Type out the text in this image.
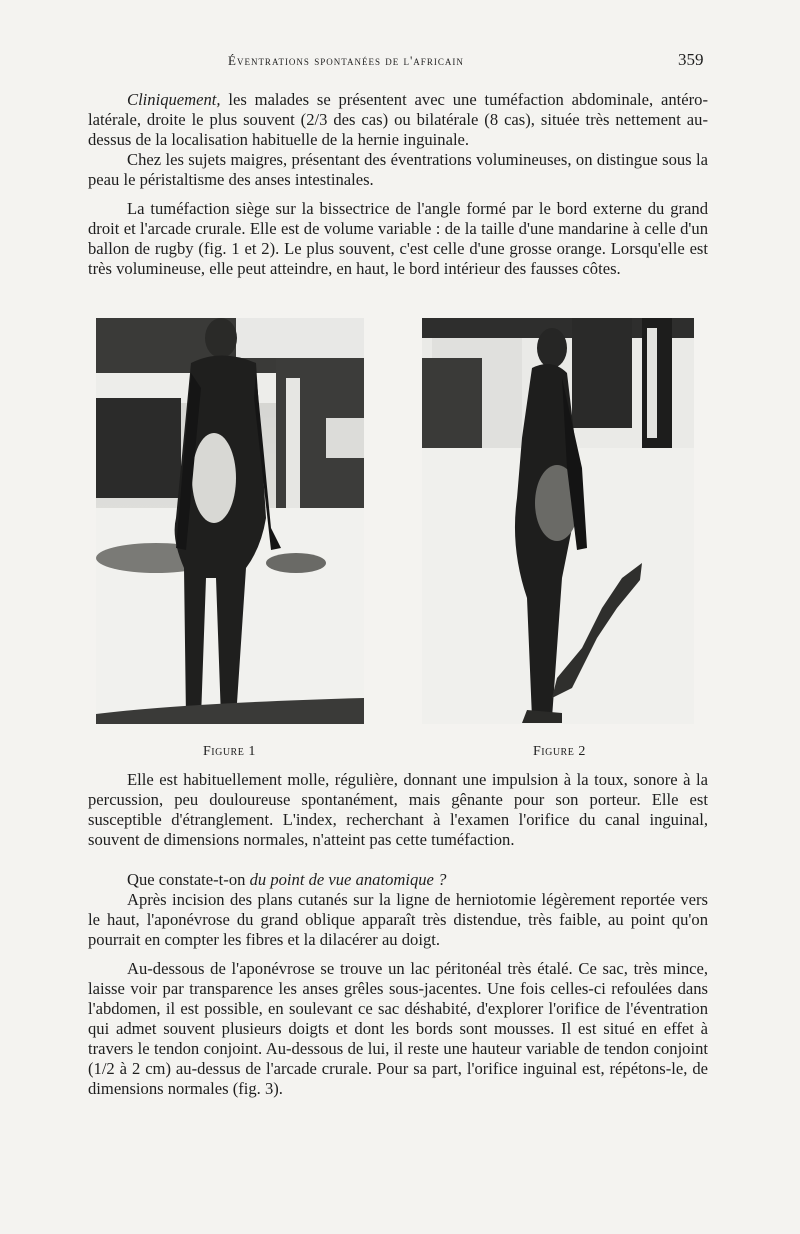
Éventrations spontanées de l'africain	359

Cliniquement, les malades se présentent avec une tuméfaction abdominale, antéro-latérale, droite le plus souvent (2/3 des cas) ou bilatérale (8 cas), située très nettement au-dessus de la localisation habituelle de la hernie inguinale.

Chez les sujets maigres, présentant des éventrations volumineuses, on distingue sous la peau le péristaltisme des anses intestinales.

La tuméfaction siège sur la bissectrice de l'angle formé par le bord externe du grand droit et l'arcade crurale. Elle est de volume variable : de la taille d'une mandarine à celle d'un ballon de rugby (fig. 1 et 2). Le plus souvent, c'est celle d'une grosse orange. Lorsqu'elle est très volumineuse, elle peut atteindre, en haut, le bord intérieur des fausses côtes.

Figure 1	Figure 2

Elle est habituellement molle, régulière, donnant une impulsion à la toux, sonore à la percussion, peu douloureuse spontanément, mais gênante pour son porteur. Elle est susceptible d'étranglement. L'index, recherchant à l'examen l'orifice du canal inguinal, souvent de dimensions normales, n'atteint pas cette tuméfaction.

Que constate-t-on du point de vue anatomique ?

Après incision des plans cutanés sur la ligne de herniotomie légèrement reportée vers le haut, l'aponévrose du grand oblique apparaît très distendue, très faible, au point qu'on pourrait en compter les fibres et la dilacérer au doigt.

Au-dessous de l'aponévrose se trouve un lac péritonéal très étalé. Ce sac, très mince, laisse voir par transparence les anses grêles sous-jacentes. Une fois celles-ci refoulées dans l'abdomen, il est possible, en soulevant ce sac déshabité, d'explorer l'orifice de l'éventration qui admet souvent plusieurs doigts et dont les bords sont mousses. Il est situé en effet à travers le tendon conjoint. Au-dessous de lui, il reste une hauteur variable de tendon conjoint (1/2 à 2 cm) au-dessus de l'arcade crurale. Pour sa part, l'orifice inguinal est, répétons-le, de dimensions normales (fig. 3).
